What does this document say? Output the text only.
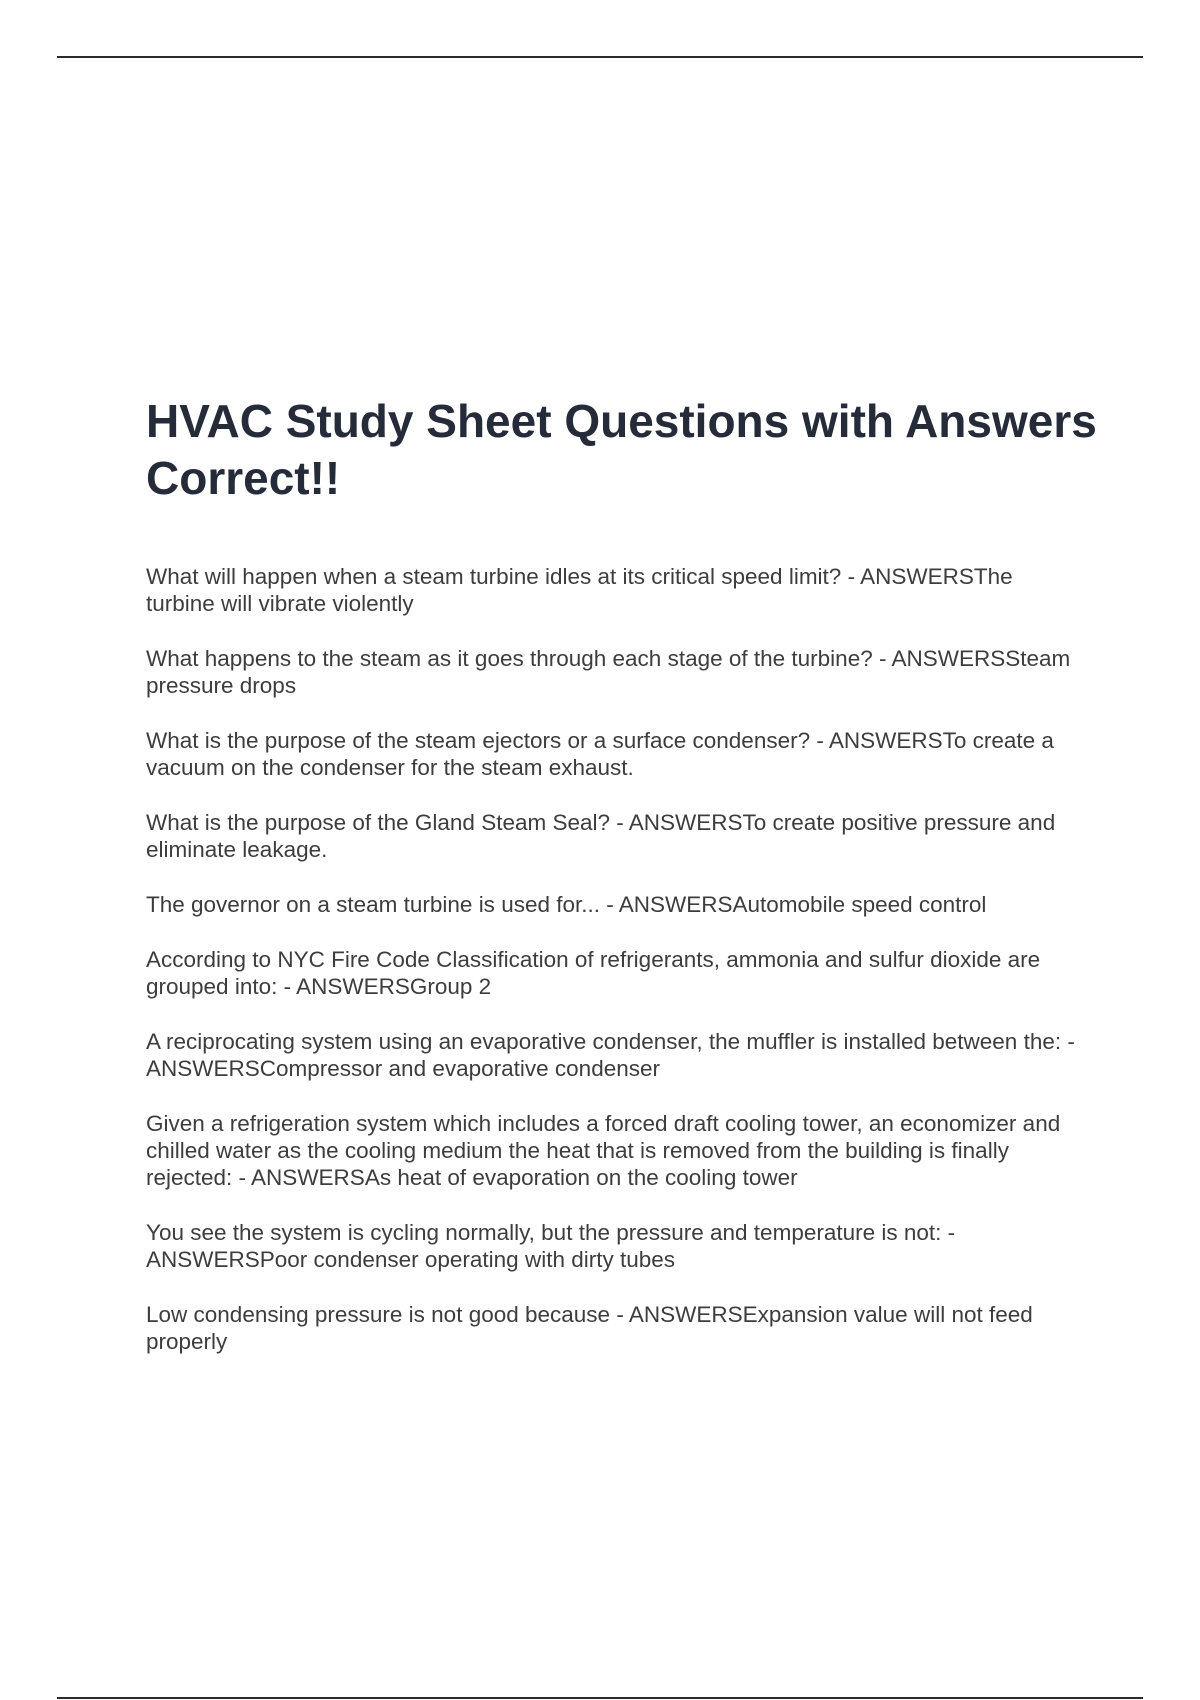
HVAC Study Sheet Questions with Answers Correct!!
What will happen when a steam turbine idles at its critical speed limit? - ANSWERSThe turbine will vibrate violently
What happens to the steam as it goes through each stage of the turbine? - ANSWERSSteam pressure drops
What is the purpose of the steam ejectors or a surface condenser? - ANSWERSTo create a vacuum on the condenser for the steam exhaust.
What is the purpose of the Gland Steam Seal? - ANSWERSTo create positive pressure and eliminate leakage.
The governor on a steam turbine is used for... - ANSWERSAutomobile speed control
According to NYC Fire Code Classification of refrigerants, ammonia and sulfur dioxide are grouped into: - ANSWERSGroup 2
A reciprocating system using an evaporative condenser, the muffler is installed between the: - ANSWERSCompressor and evaporative condenser
Given a refrigeration system which includes a forced draft cooling tower, an economizer and chilled water as the cooling medium the heat that is removed from the building is finally rejected: - ANSWERSAs heat of evaporation on the cooling tower
You see the system is cycling normally, but the pressure and temperature is not: - ANSWERSPoor condenser operating with dirty tubes
Low condensing pressure is not good because - ANSWERSExpansion value will not feed properly
